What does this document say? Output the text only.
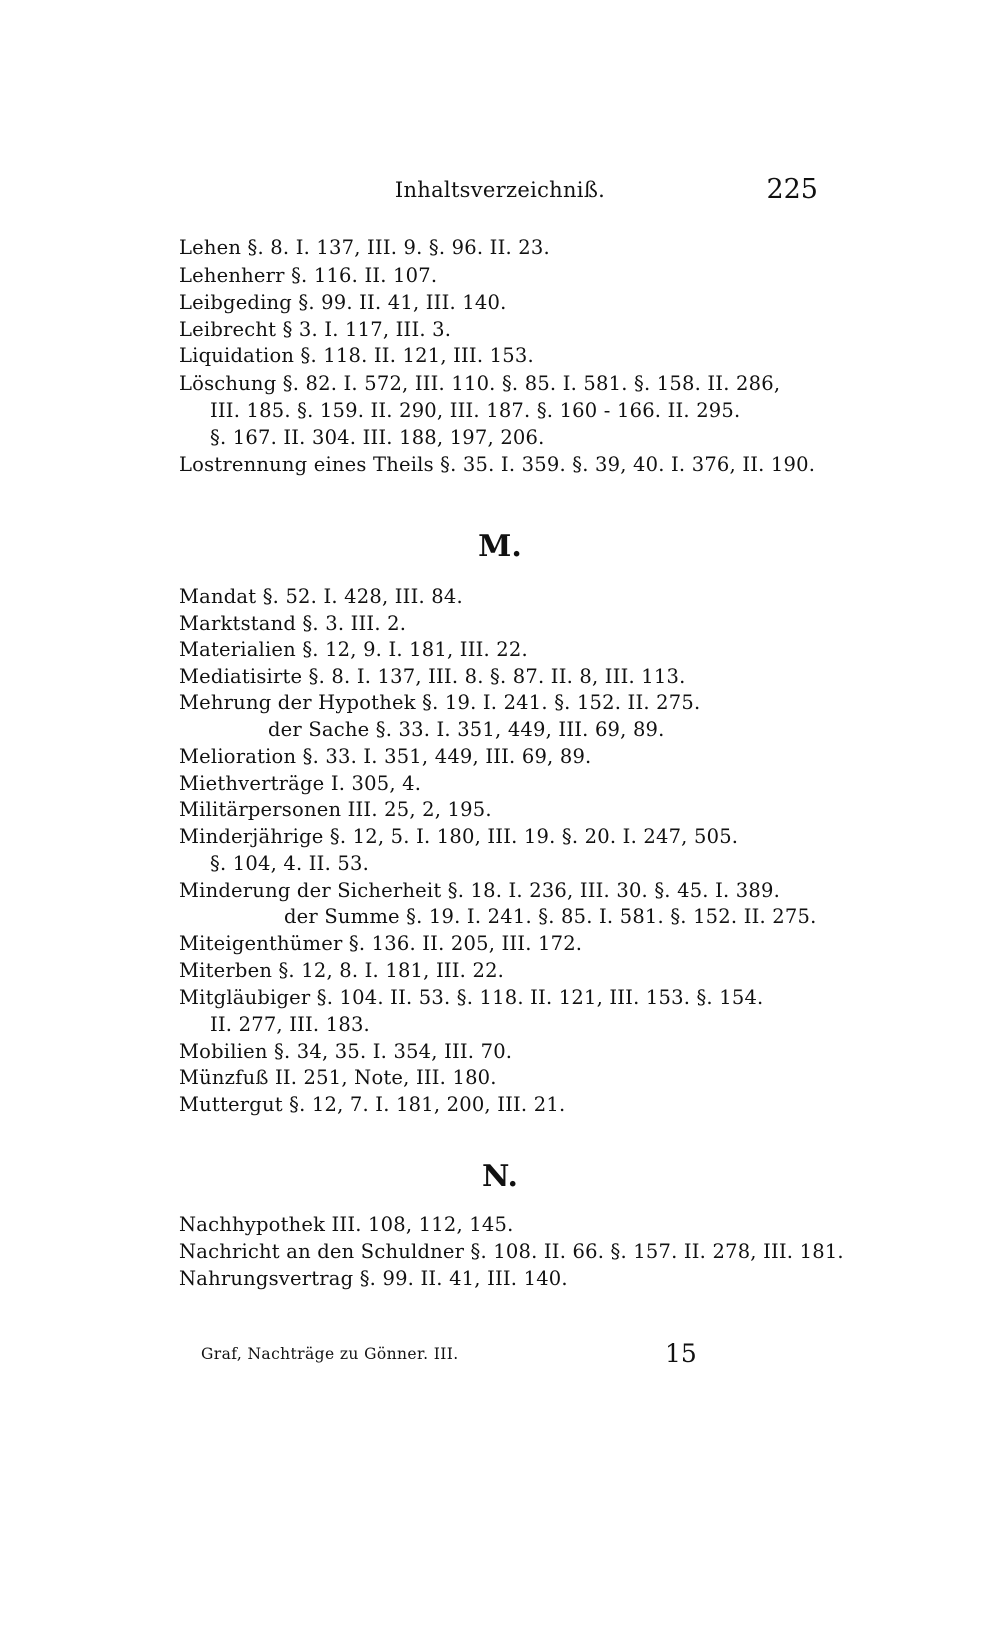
Inhaltsverzeichniß.	225
Lehen §. 8. I. 137, III. 9. §. 96. II. 23.
Lehenherr §. 116. II. 107.
Leibgeding §. 99. II. 41, III. 140.
Leibrecht § 3. I. 117, III. 3.
Liquidation §. 118. II. 121, III. 153.
Löschung §. 82. I. 572, III. 110. §. 85. I. 581. §. 158. II. 286,
III. 185. §. 159. II. 290, III. 187. §. 160 - 166. II. 295.
§. 167. II. 304. III. 188, 197, 206.
Lostrennung eines Theils §. 35. I. 359. §. 39, 40. I. 376, II. 190.
M.
Mandat §. 52. I. 428, III. 84.
Marktstand §. 3. III. 2.
Materialien §. 12, 9. I. 181, III. 22.
Mediatisirte §. 8. I. 137, III. 8. §. 87. II. 8, III. 113.
Mehrung der Hypothek §. 19. I. 241. §. 152. II. 275.
der Sache §. 33. I. 351, 449, III. 69, 89.
Melioration §. 33. I. 351, 449, III. 69, 89.
Miethverträge I. 305, 4.
Militärpersonen III. 25, 2, 195.
Minderjährige §. 12, 5. I. 180, III. 19. §. 20. I. 247, 505.
§. 104, 4. II. 53.
Minderung der Sicherheit §. 18. I. 236, III. 30. §. 45. I. 389.
der Summe §. 19. I. 241. §. 85. I. 581. §. 152. II. 275.
Miteigenthümer §. 136. II. 205, III. 172.
Miterben §. 12, 8. I. 181, III. 22.
Mitgläubiger §. 104. II. 53. §. 118. II. 121, III. 153. §. 154.
II. 277, III. 183.
Mobilien §. 34, 35. I. 354, III. 70.
Münzfuß II. 251, Note, III. 180.
Muttergut §. 12, 7. I. 181, 200, III. 21.
N.
Nachhypothek III. 108, 112, 145.
Nachricht an den Schuldner §. 108. II. 66. §. 157. II. 278, III. 181.
Nahrungsvertrag §. 99. II. 41, III. 140.
Graf, Nachträge zu Gönner. III.	15
